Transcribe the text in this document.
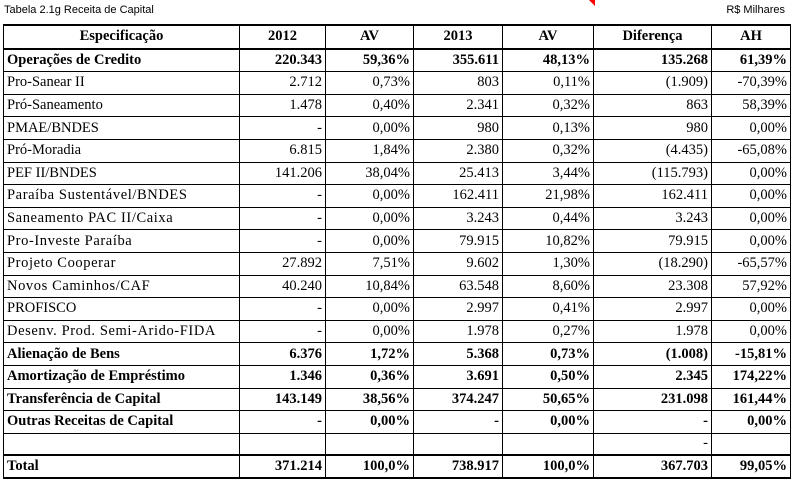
Tabela 2.1g Receita de Capital	R$ Milhares
Especificação	2012	AV	2013	AV	Diferença	AH
Operações de Credito	220.343	59,36%	355.611	48,13%	135.268	61,39%
Pro-Sanear II	2.712	0,73%	803	0,11%	(1.909)	-70,39%
Pró-Saneamento	1.478	0,40%	2.341	0,32%	863	58,39%
PMAE/BNDES	-	0,00%	980	0,13%	980	0,00%
Pró-Moradia	6.815	1,84%	2.380	0,32%	(4.435)	-65,08%
PEF II/BNDES	141.206	38,04%	25.413	3,44%	(115.793)	0,00%
Paraíba Sustentável/BNDES	-	0,00%	162.411	21,98%	162.411	0,00%
Saneamento PAC II/Caixa	-	0,00%	3.243	0,44%	3.243	0,00%
Pro-Investe Paraíba	-	0,00%	79.915	10,82%	79.915	0,00%
Projeto Cooperar	27.892	7,51%	9.602	1,30%	(18.290)	-65,57%
Novos Caminhos/CAF	40.240	10,84%	63.548	8,60%	23.308	57,92%
PROFISCO	-	0,00%	2.997	0,41%	2.997	0,00%
Desenv. Prod. Semi-Arido-FIDA	-	0,00%	1.978	0,27%	1.978	0,00%
Alienação de Bens	6.376	1,72%	5.368	0,73%	(1.008)	-15,81%
Amortização de Empréstimo	1.346	0,36%	3.691	0,50%	2.345	174,22%
Transferência de Capital	143.149	38,56%	374.247	50,65%	231.098	161,44%
Outras Receitas de Capital	-	0,00%	-	0,00%	-	0,00%
					-	
Total	371.214	100,0%	738.917	100,0%	367.703	99,05%
